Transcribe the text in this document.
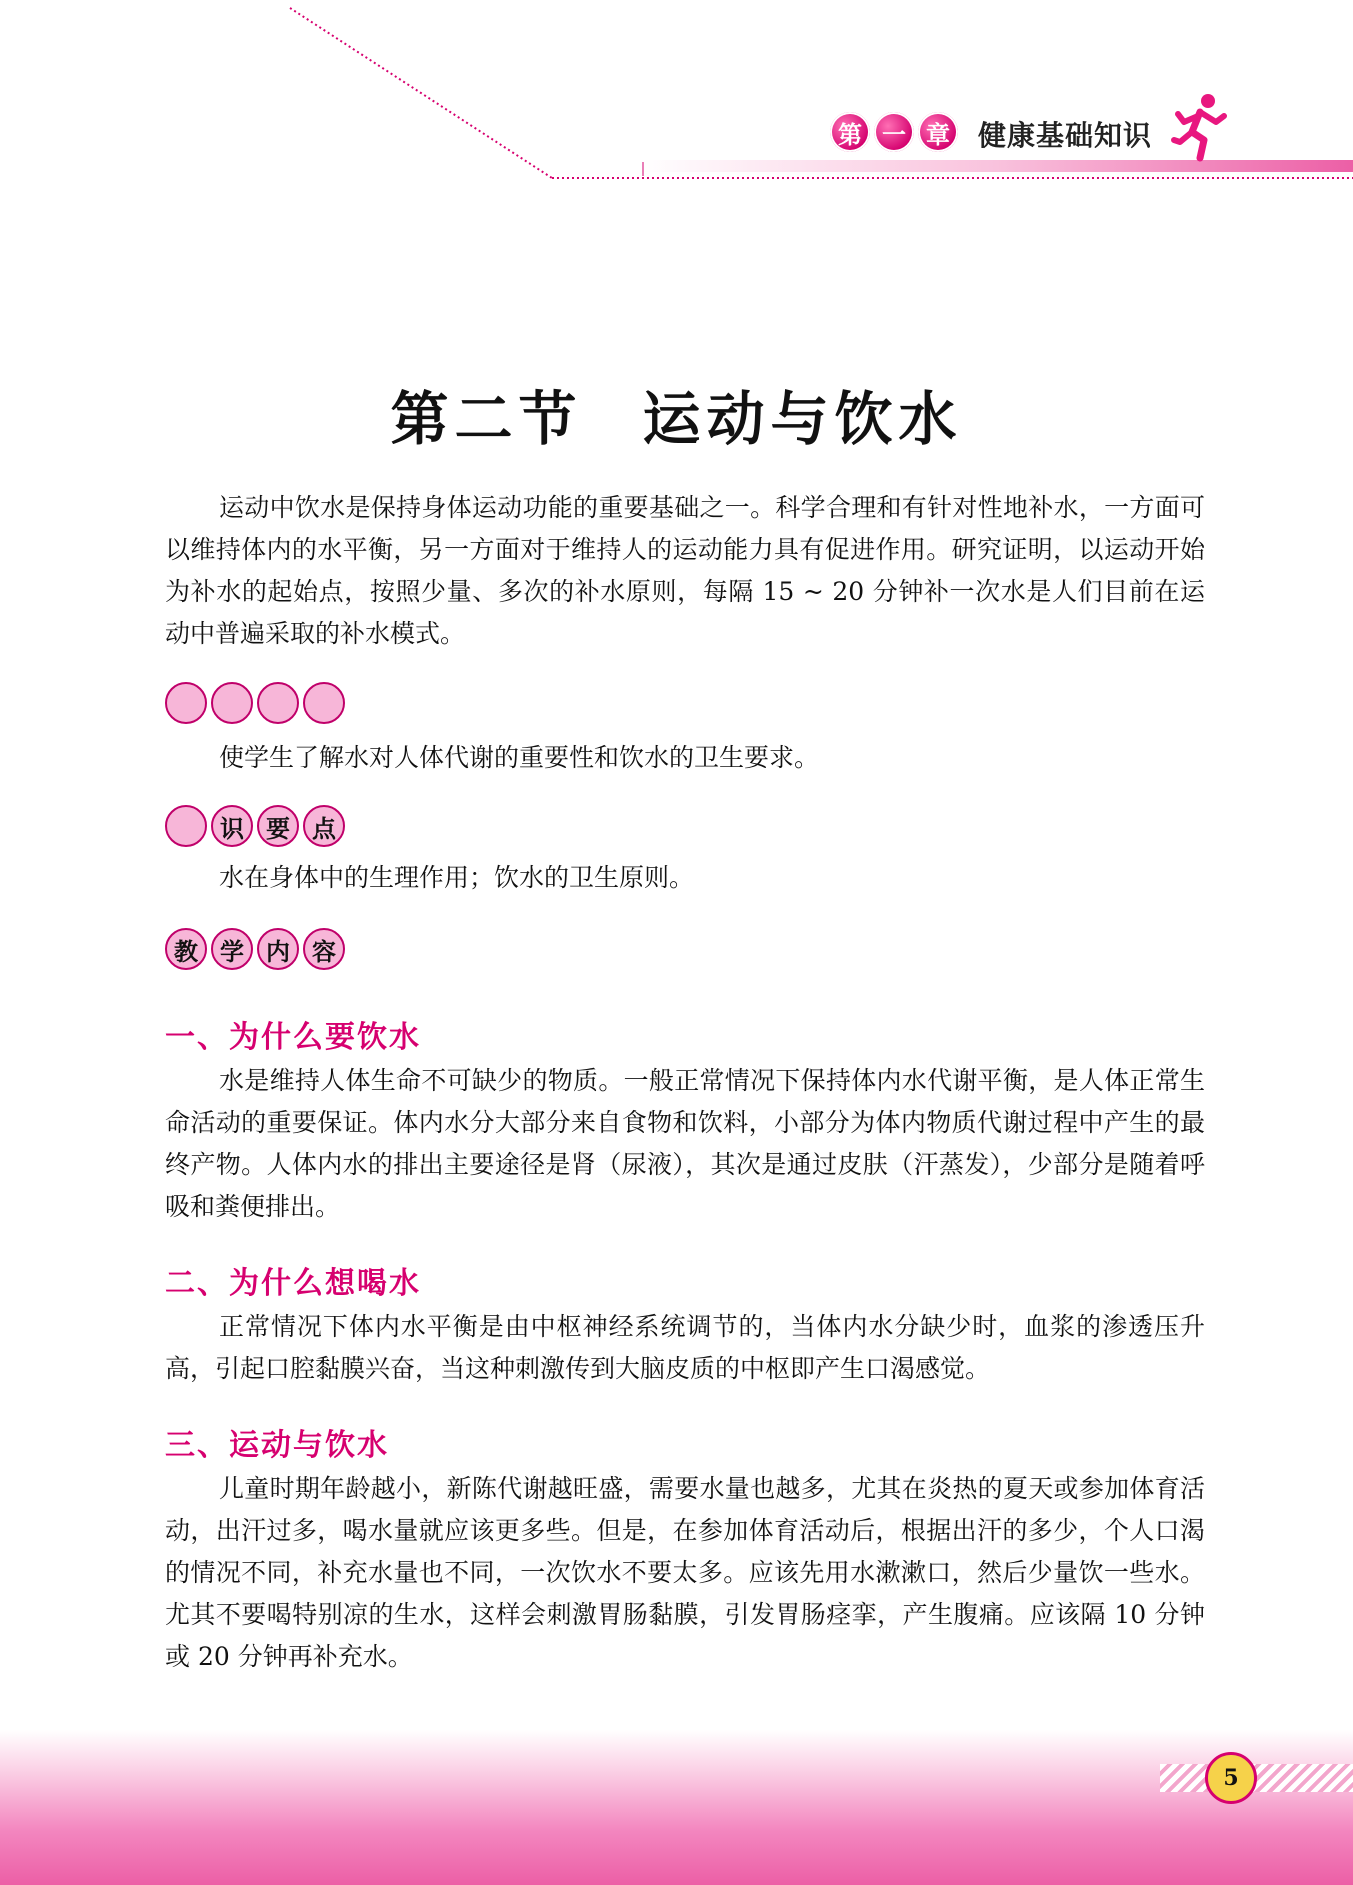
第 一 章 健康基础知识
第二节 运动与饮水
运动中饮水是保持身体运动功能的重要基础之一。科学合理和有针对性地补水，一方面可以维持体内的水平衡，另一方面对于维持人的运动能力具有促进作用。研究证明，以运动开始为补水的起始点，按照少量、多次的补水原则，每隔 15 ~ 20 分钟补一次水是人们目前在运动中普遍采取的补水模式。
使学生了解水对人体代谢的重要性和饮水的卫生要求。
识 要 点
水在身体中的生理作用；饮水的卫生原则。
教 学 内 容
一、为什么要饮水
水是维持人体生命不可缺少的物质。一般正常情况下保持体内水代谢平衡，是人体正常生命活动的重要保证。体内水分大部分来自食物和饮料，小部分为体内物质代谢过程中产生的最终产物。人体内水的排出主要途径是肾（尿液），其次是通过皮肤（汗蒸发），少部分是随着呼吸和粪便排出。
二、为什么想喝水
正常情况下体内水平衡是由中枢神经系统调节的，当体内水分缺少时，血浆的渗透压升高，引起口腔黏膜兴奋，当这种刺激传到大脑皮质的中枢即产生口渴感觉。
三、运动与饮水
儿童时期年龄越小，新陈代谢越旺盛，需要水量也越多，尤其在炎热的夏天或参加体育活动，出汗过多，喝水量就应该更多些。但是，在参加体育活动后，根据出汗的多少，个人口渴的情况不同，补充水量也不同，一次饮水不要太多。应该先用水漱漱口，然后少量饮一些水。尤其不要喝特别凉的生水，这样会刺激胃肠黏膜，引发胃肠痉挛，产生腹痛。应该隔 10 分钟或 20 分钟再补充水。
5
